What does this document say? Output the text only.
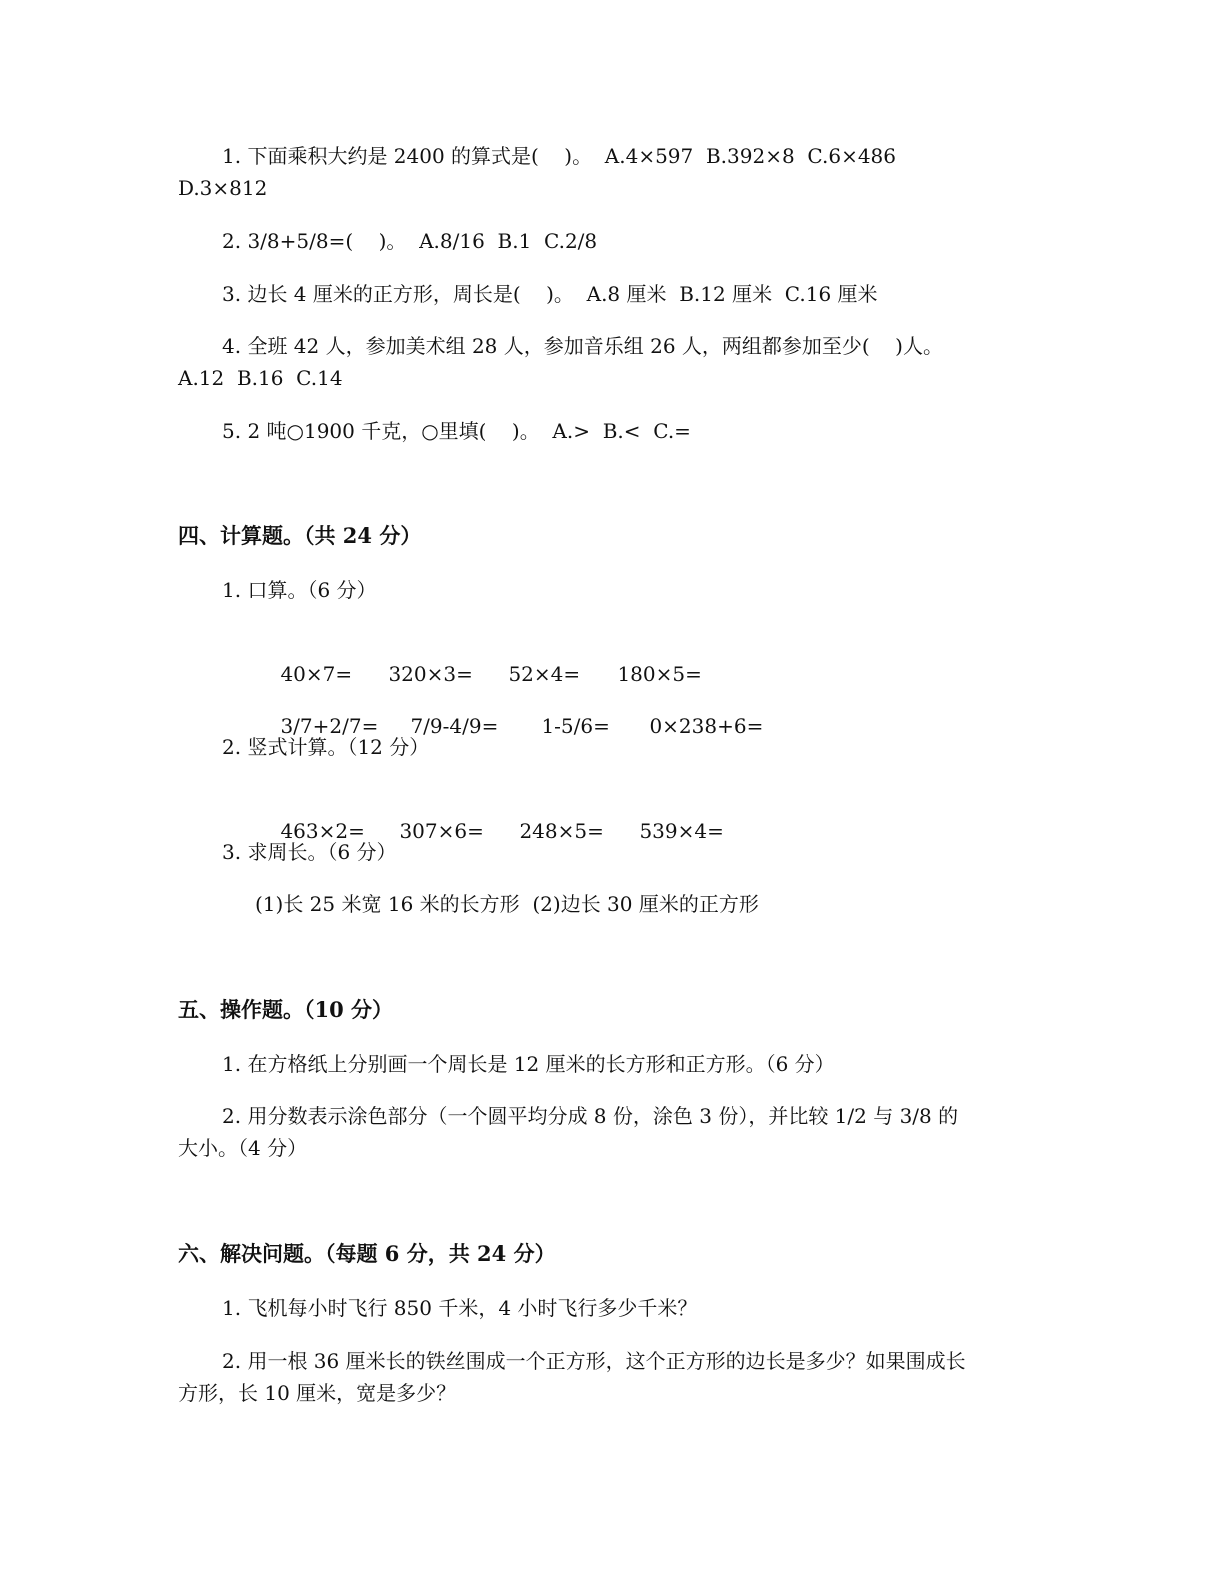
1. 下面乘积大约是 2400 的算式是(    )。  A.4×597  B.392×8  C.6×486

D.3×812

2. 3/8+5/8=(    )。  A.8/16  B.1  C.2/8

3. 边长 4 厘米的正方形，周长是(    )。  A.8 厘米  B.12 厘米  C.16 厘米

4. 全班 42 人，参加美术组 28 人，参加音乐组 26 人，两组都参加至少(    )人。

A.12  B.16  C.14

5. 2 吨○1900 千克，○里填(    )。  A.>  B.<  C.=

四、计算题。（共 24 分）

1. 口算。（6 分）

40×7= 320×3= 52×4= 180×5=

3/7+2/7= 7/9-4/9= 1-5/6= 0×238+6=

2. 竖式计算。（12 分）

463×2= 307×6= 248×5= 539×4=

3. 求周长。（6 分）

(1)长 25 米宽 16 米的长方形  (2)边长 30 厘米的正方形

五、操作题。（10 分）

1. 在方格纸上分别画一个周长是 12 厘米的长方形和正方形。（6 分）

2. 用分数表示涂色部分（一个圆平均分成 8 份，涂色 3 份），并比较 1/2 与 3/8 的

大小。（4 分）

六、解决问题。（每题 6 分，共 24 分）

1. 飞机每小时飞行 850 千米，4 小时飞行多少千米？

2. 用一根 36 厘米长的铁丝围成一个正方形，这个正方形的边长是多少？如果围成长

方形，长 10 厘米，宽是多少？
